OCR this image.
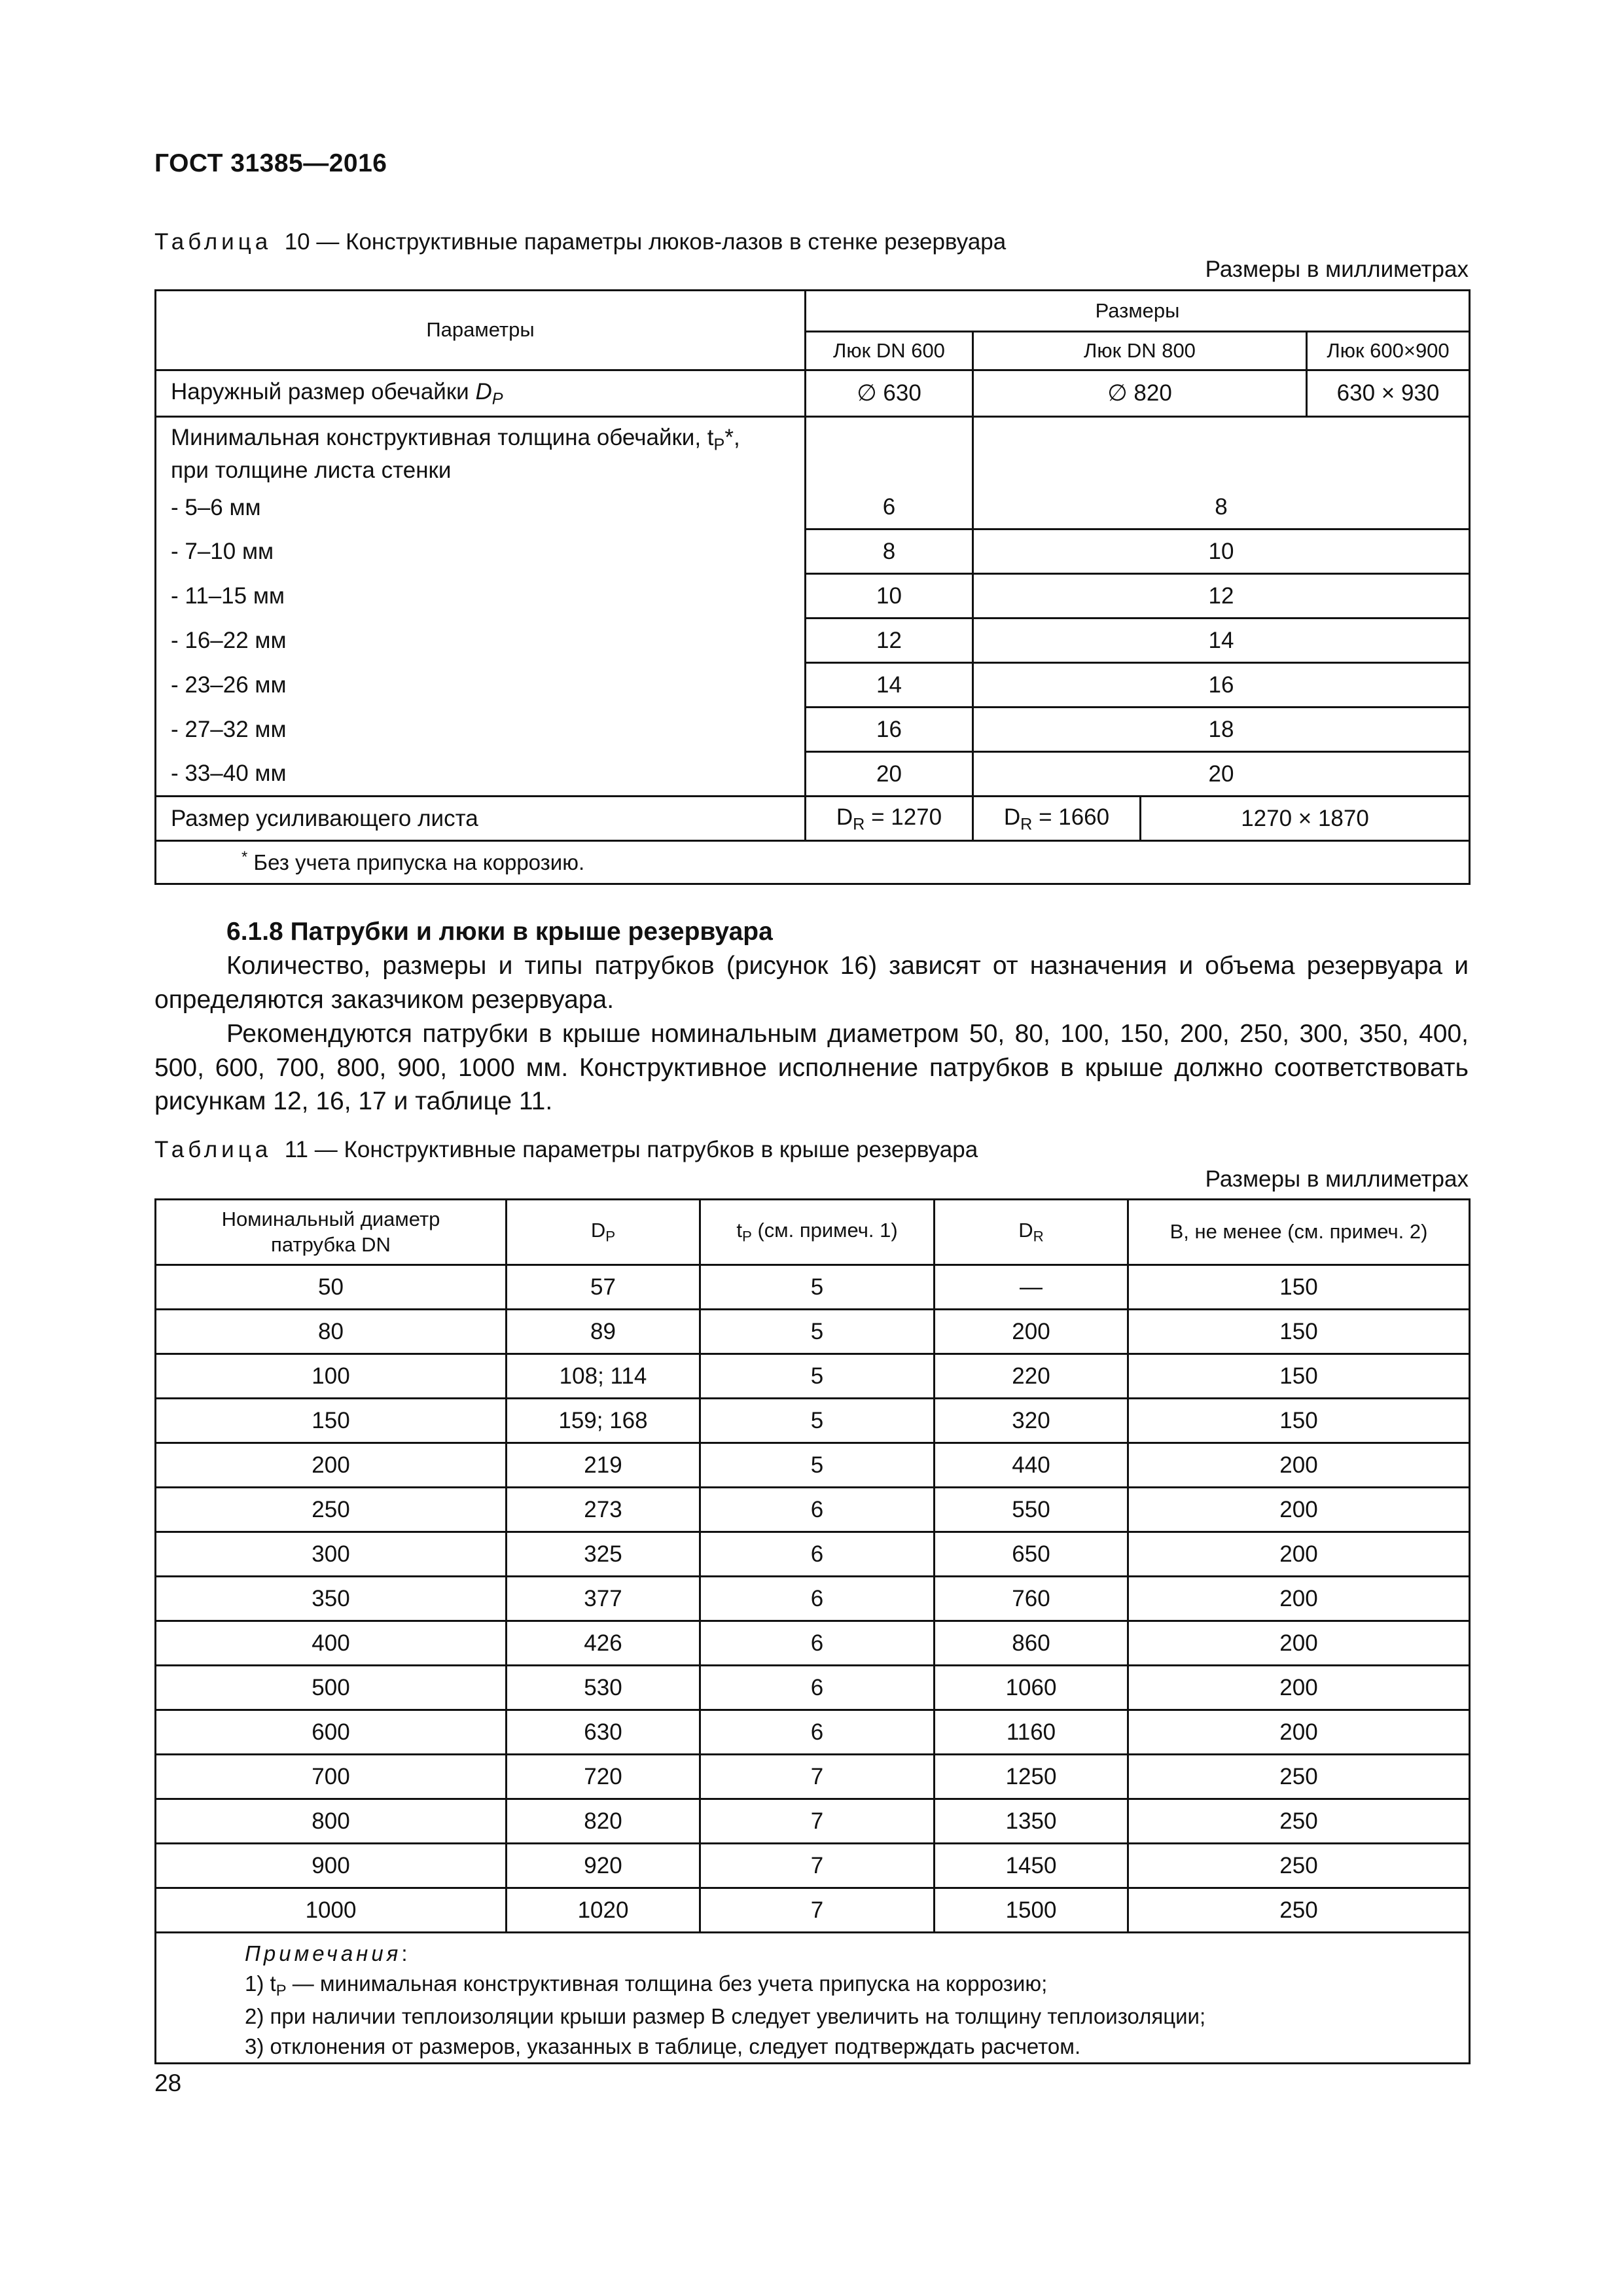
ГОСТ 31385—2016
Таблица 10 — Конструктивные параметры люков-лазов в стенке резервуара
Размеры в миллиметрах
Параметры	Размеры			
	Люк DN 600	Люк DN 800		Люк 600×900
Наружный размер обечайки $D_P$	∅ 630	∅ 820		630 × 930
Минимальная конструктивная толщина обечайки, $t_P*$,
при толщине листа стенки				
- 5–6 мм	6	8		
- 7–10 мм	8	10		
- 11–15 мм	10	12		
- 16–22 мм	12	14		
- 23–26 мм	14	16		
- 27–32 мм	16	18		
- 33–40 мм	20	20		
Размер усиливающего листа	$D_R = 1270$	$D_R = 1660$	1270 × 1870	
* Без учета припуска на коррозию.				
6.1.8 Патрубки и люки в крыше резервуара

Количество, размеры и типы патрубков (рисунок 16) зависят от назначения и объема резервуара и определяются заказчиком резервуара.

Рекомендуются патрубки в крыше номинальным диаметром 50, 80, 100, 150, 200, 250, 300, 350, 400, 500, 600, 700, 800, 900, 1000 мм. Конструктивное исполнение патрубков в крыше должно соответствовать рисункам 12, 16, 17 и таблице 11.

Таблица 11 — Конструктивные параметры патрубков в крыше резервуара
Размеры в миллиметрах
Номинальный диаметр патрубка DN	$D_P$	$t_P$ (см. примеч. 1)	$D_R$	B, не менее (см. примеч. 2)
50	57	5	—	150
80	89	5	200	150
100	108; 114	5	220	150
150	159; 168	5	320	150
200	219	5	440	200
250	273	6	550	200
300	325	6	650	200
350	377	6	760	200
400	426	6	860	200
500	530	6	1060	200
600	630	6	1160	200
700	720	7	1250	250
800	820	7	1350	250
900	920	7	1450	250
1000	1020	7	1500	250

Примечания:
1) $t_P$ — минимальная конструктивная толщина без учета припуска на коррозию;
2) при наличии теплоизоляции крыши размер B следует увеличить на толщину теплоизоляции;
3) отклонения от размеров, указанных в таблице, следует подтверждать расчетом.				
28
